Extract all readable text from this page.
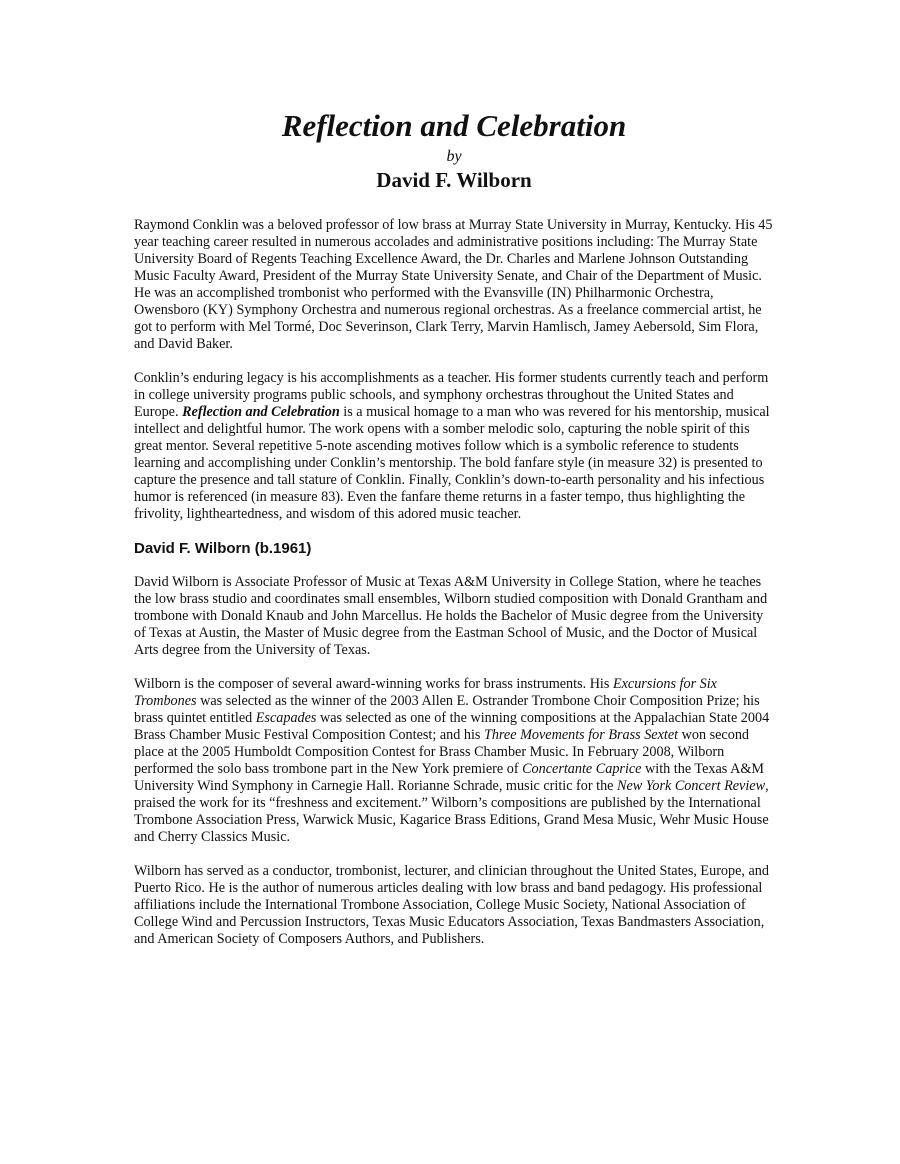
Reflection and Celebration

by

David F. Wilborn

Raymond Conklin was a beloved professor of low brass at Murray State University in Murray, Kentucky. His 45 year teaching career resulted in numerous accolades and administrative positions including: The Murray State University Board of Regents Teaching Excellence Award, the Dr. Charles and Marlene Johnson Outstanding Music Faculty Award, President of the Murray State University Senate, and Chair of the Department of Music. He was an accomplished trombonist who performed with the Evansville (IN) Philharmonic Orchestra, Owensboro (KY) Symphony Orchestra and numerous regional orchestras. As a freelance commercial artist, he got to perform with Mel Tormé, Doc Severinson, Clark Terry, Marvin Hamlisch, Jamey Aebersold, Sim Flora, and David Baker.

Conklin’s enduring legacy is his accomplishments as a teacher. His former students currently teach and perform in college university programs public schools, and symphony orchestras throughout the United States and Europe. Reflection and Celebration is a musical homage to a man who was revered for his mentorship, musical intellect and delightful humor. The work opens with a somber melodic solo, capturing the noble spirit of this great mentor. Several repetitive 5-note ascending motives follow which is a symbolic reference to students learning and accomplishing under Conklin’s mentorship. The bold fanfare style (in measure 32) is presented to capture the presence and tall stature of Conklin. Finally, Conklin’s down-to-earth personality and his infectious humor is referenced (in measure 83). Even the fanfare theme returns in a faster tempo, thus highlighting the frivolity, lightheartedness, and wisdom of this adored music teacher.

David F. Wilborn (b.1961)

David Wilborn is Associate Professor of Music at Texas A&M University in College Station, where he teaches the low brass studio and coordinates small ensembles, Wilborn studied composition with Donald Grantham and trombone with Donald Knaub and John Marcellus. He holds the Bachelor of Music degree from the University of Texas at Austin, the Master of Music degree from the Eastman School of Music, and the Doctor of Musical Arts degree from the University of Texas.

Wilborn is the composer of several award-winning works for brass instruments. His Excursions for Six Trombones was selected as the winner of the 2003 Allen E. Ostrander Trombone Choir Composition Prize; his brass quintet entitled Escapades was selected as one of the winning compositions at the Appalachian State 2004 Brass Chamber Music Festival Composition Contest; and his Three Movements for Brass Sextet won second place at the 2005 Humboldt Composition Contest for Brass Chamber Music. In February 2008, Wilborn performed the solo bass trombone part in the New York premiere of Concertante Caprice with the Texas A&M University Wind Symphony in Carnegie Hall. Rorianne Schrade, music critic for the New York Concert Review, praised the work for its “freshness and excitement.” Wilborn’s compositions are published by the International Trombone Association Press, Warwick Music, Kagarice Brass Editions, Grand Mesa Music, Wehr Music House and Cherry Classics Music.

Wilborn has served as a conductor, trombonist, lecturer, and clinician throughout the United States, Europe, and Puerto Rico. He is the author of numerous articles dealing with low brass and band pedagogy. His professional affiliations include the International Trombone Association, College Music Society, National Association of College Wind and Percussion Instructors, Texas Music Educators Association, Texas Bandmasters Association, and American Society of Composers Authors, and Publishers.
